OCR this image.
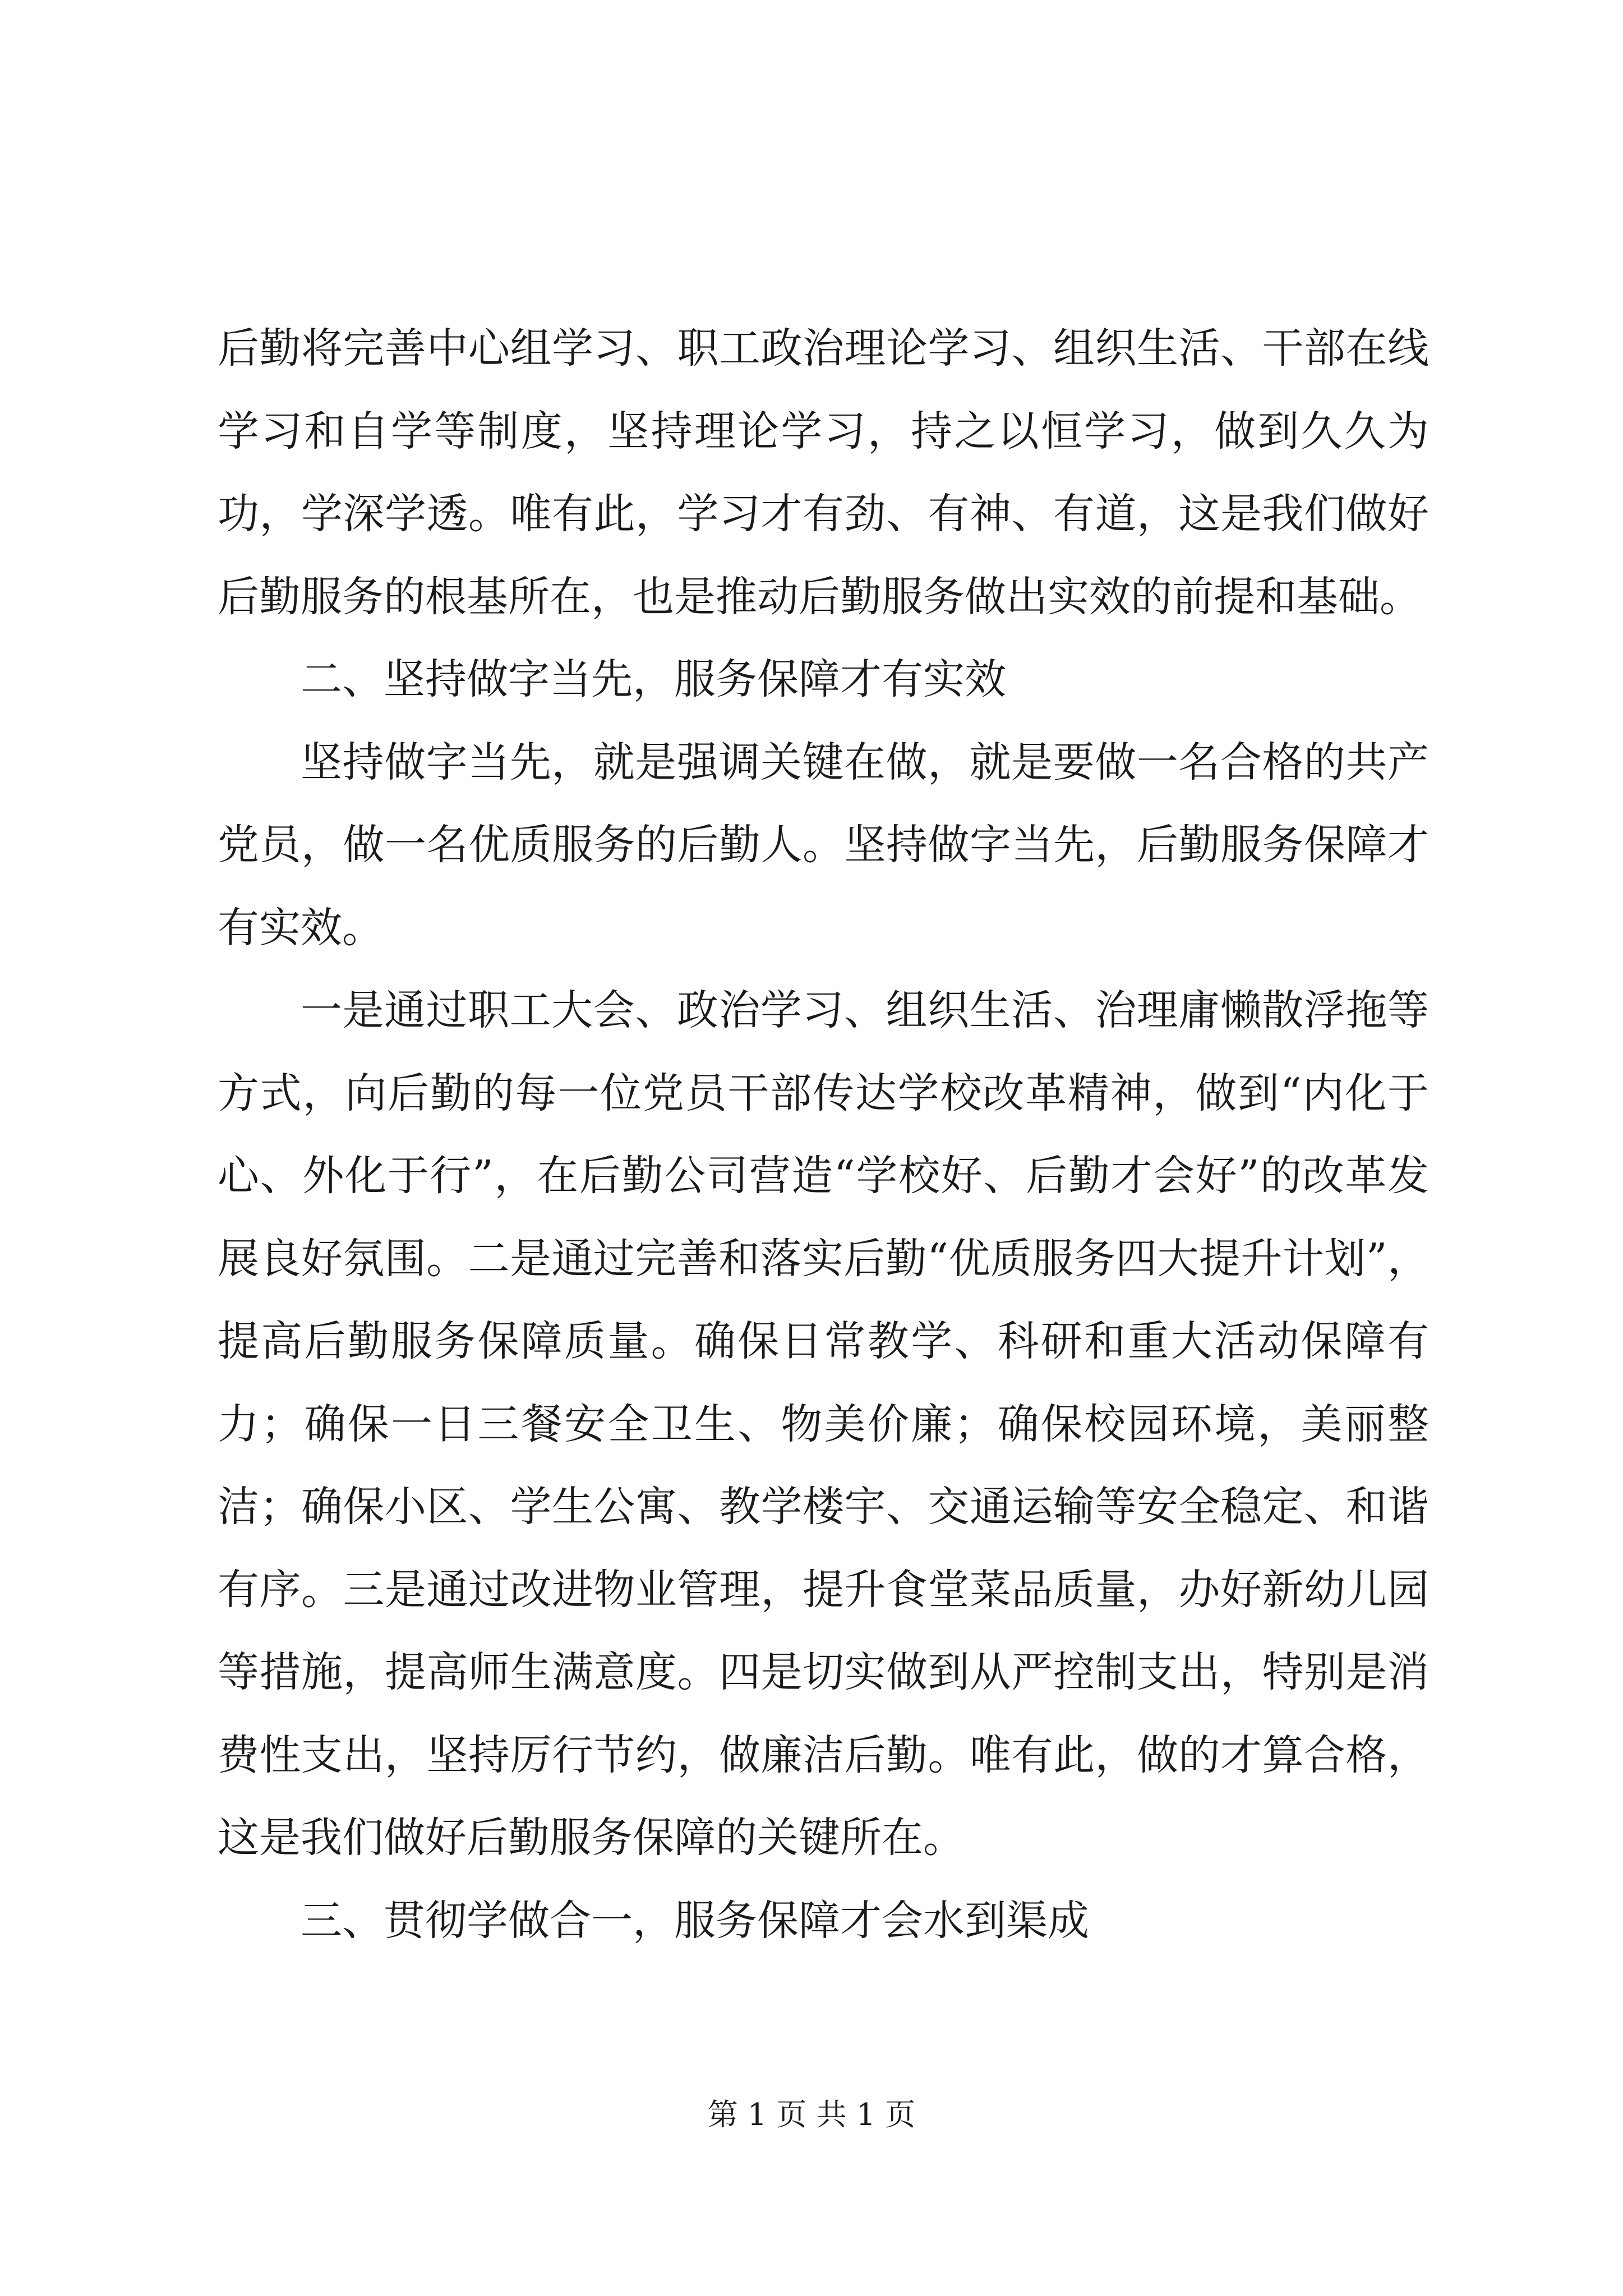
后勤将完善中心组学习、职工政治理论学习、组织生活、干部在线学习和自学等制度，坚持理论学习，持之以恒学习，做到久久为功，学深学透。唯有此，学习才有劲、有神、有道，这是我们做好后勤服务的根基所在，也是推动后勤服务做出实效的前提和基础。

二、坚持做字当先，服务保障才有实效

坚持做字当先，就是强调关键在做，就是要做一名合格的共产党员，做一名优质服务的后勤人。坚持做字当先，后勤服务保障才有实效。

一是通过职工大会、政治学习、组织生活、治理庸懒散浮拖等方式，向后勤的每一位党员干部传达学校改革精神，做到“内化于心、外化于行”，在后勤公司营造“学校好、后勤才会好”的改革发展良好氛围。二是通过完善和落实后勤“优质服务四大提升计划”，提高后勤服务保障质量。确保日常教学、科研和重大活动保障有力；确保一日三餐安全卫生、物美价廉；确保校园环境，美丽整洁；确保小区、学生公寓、教学楼宇、交通运输等安全稳定、和谐有序。三是通过改进物业管理，提升食堂菜品质量，办好新幼儿园等措施，提高师生满意度。四是切实做到从严控制支出，特别是消费性支出，坚持厉行节约，做廉洁后勤。唯有此，做的才算合格，这是我们做好后勤服务保障的关键所在。

三、贯彻学做合一，服务保障才会水到渠成

第 1 页 共 1 页
